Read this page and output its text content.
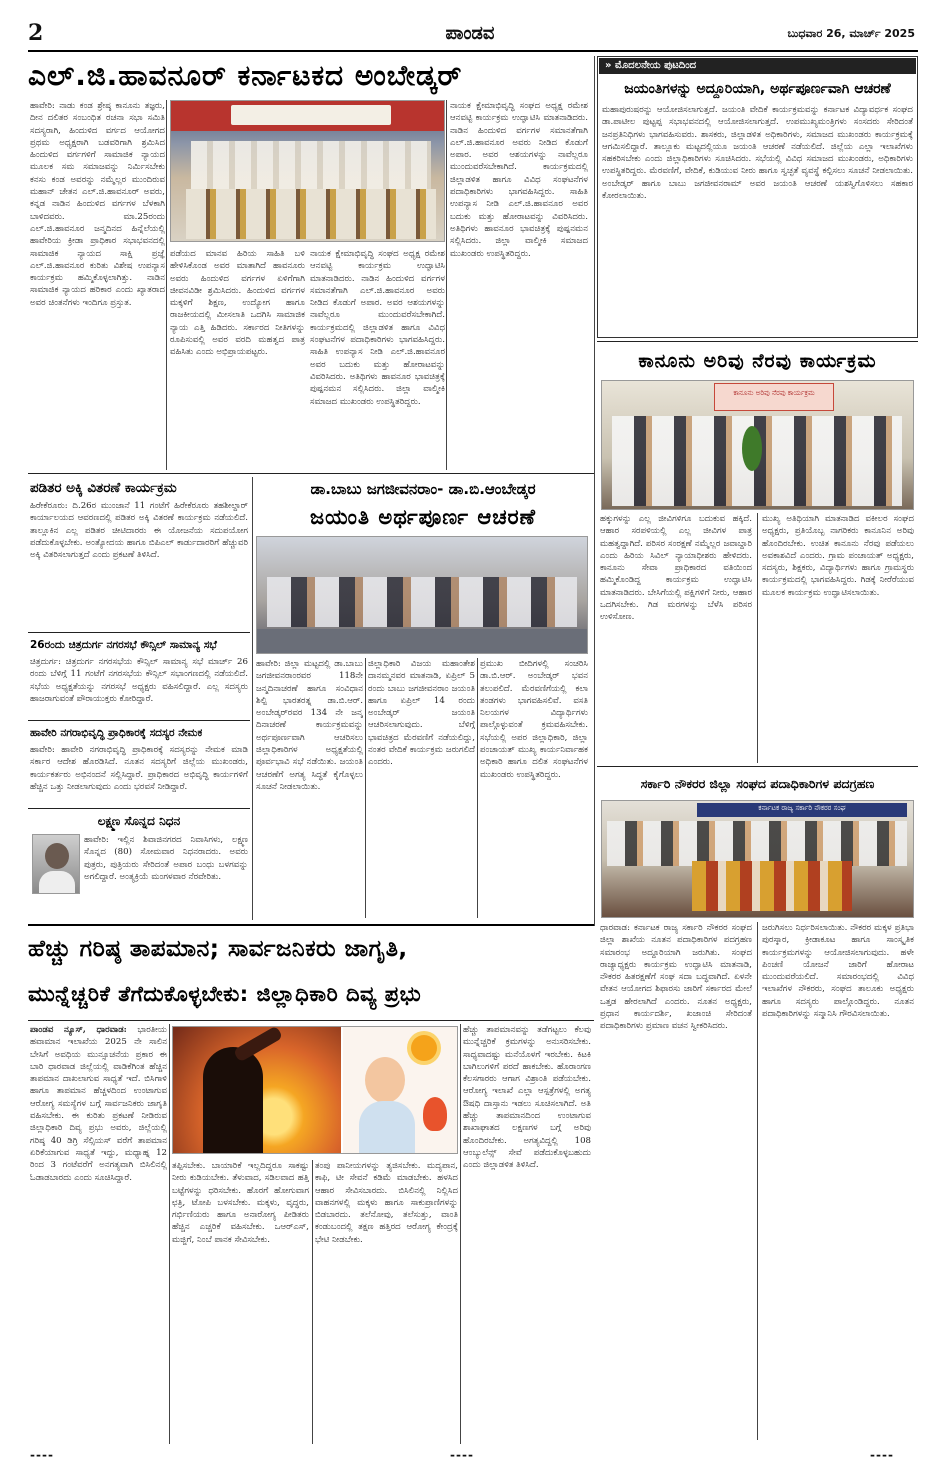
2	ಪಾಂಡವ	ಬುಧವಾರ 26, ಮಾರ್ಚ್ 2025
ಎಲ್.ಜಿ.ಹಾವನೂರ್ ಕರ್ನಾಟಕದ ಅಂಬೇಡ್ಕರ್
ಹಾವೇರಿ: ನಾಡು ಕಂಡ ಶ್ರೇಷ್ಠ ಕಾನೂನು ತಜ್ಞರು, ದೀನ ದಲಿತರ ಸಂಬಂಧಿತ ರಚನಾ ಸಭಾ ಸಮಿತಿ ಸದಸ್ಯರಾಗಿ, ಹಿಂದುಳಿದ ವರ್ಗದ ಆಯೋಗದ ಪ್ರಥಮ ಅಧ್ಯಕ್ಷರಾಗಿ ಬಡವರಿಗಾಗಿ ಶ್ರಮಿಸಿದ ಹಿಂದುಳಿದ ವರ್ಗಗಳಿಗೆ ಸಾಮಾಜಿಕ ನ್ಯಾಯದ ಮೂಲಕ ಸಮ ಸಮಾಜವನ್ನು ನಿರ್ಮಿಸಬೇಕು ಕನಸು ಕಂಡ ಅವರನ್ನು ನಮ್ಮೆಲ್ಲರ ಮುಂದಿರುವ ಮಹಾನ್ ಚೇತನ ಎಲ್.ಜಿ.ಹಾವನೂರ್ ಅವರು, ಕನ್ನಡ ನಾಡಿನ ಹಿಂದುಳಿದ ವರ್ಗಗಳ ಬೆಳಕಾಗಿ ಬಾಳಿದವರು. ಮಾ.25ರಂದು ಎಲ್.ಜಿ.ಹಾವನೂರ ಜನ್ಮದಿನದ ಹಿನ್ನೆಲೆಯಲ್ಲಿ ಹಾವೇರಿಯ ಕ್ರೀಡಾ ಪ್ರಾಧಿಕಾರ ಸಭಾಭವನದಲ್ಲಿ ಸಾಮಾಜಿಕ ನ್ಯಾಯದ ಸಾಕ್ಷಿ ಪ್ರಜ್ಞೆ ಎಲ್.ಜಿ.ಹಾವನೂರ ಕುರಿತು ವಿಶೇಷ ಉಪನ್ಯಾಸ ಕಾರ್ಯಕ್ರಮ ಹಮ್ಮಿಕೊಳ್ಳಲಾಗಿತ್ತು. ನಾಡಿನ ಸಾಮಾಜಿಕ ನ್ಯಾಯದ ಹರಿಕಾರ ಎಂದು ಖ್ಯಾತರಾದ ಅವರ ಚಿಂತನೆಗಳು ಇಂದಿಗೂ ಪ್ರಸ್ತುತ.
ಪಡೆಯದ ಮಾನವ ಹಿರಿಯ ಸಾಹಿತಿ ಬಳಿ ಹೇಳಿಸಿಕೊಂಡ ಅವರ ಮಾತಾಗಿದೆ ಹಾವನೂರು ಅವರು ಹಿಂದುಳಿದ ವರ್ಗಗಳ ಏಳಿಗೆಗಾಗಿ ಜೀವನವಿಡೀ ಶ್ರಮಿಸಿದರು. ಹಿಂದುಳಿದ ವರ್ಗಗಳ ಮಕ್ಕಳಿಗೆ ಶಿಕ್ಷಣ, ಉದ್ಯೋಗ ಹಾಗೂ ರಾಜಕೀಯದಲ್ಲಿ ಮೀಸಲಾತಿ ಒದಗಿಸಿ ಸಾಮಾಜಿಕ ನ್ಯಾಯ ಎತ್ತಿ ಹಿಡಿದರು. ಸರ್ಕಾರದ ನೀತಿಗಳನ್ನು ರೂಪಿಸುವಲ್ಲಿ ಅವರ ವರದಿ ಮಹತ್ವದ ಪಾತ್ರ ವಹಿಸಿತು ಎಂದು ಅಭಿಪ್ರಾಯಪಟ್ಟರು.
ನಾಯಕ ಕ್ಷೇಮಾಭಿವೃದ್ಧಿ ಸಂಘದ ಅಧ್ಯಕ್ಷ ರಮೇಶ ಆನವಟ್ಟಿ ಕಾರ್ಯಕ್ರಮ ಉದ್ಘಾಟಿಸಿ ಮಾತನಾಡಿದರು. ನಾಡಿನ ಹಿಂದುಳಿದ ವರ್ಗಗಳ ಸಮಾನತೆಗಾಗಿ ಎಲ್.ಜಿ.ಹಾವನೂರ ಅವರು ನೀಡಿದ ಕೊಡುಗೆ ಅಪಾರ. ಅವರ ಆಶಯಗಳನ್ನು ನಾವೆಲ್ಲರೂ ಮುಂದುವರೆಸಬೇಕಾಗಿದೆ. ಕಾರ್ಯಕ್ರಮದಲ್ಲಿ ಜಿಲ್ಲಾಡಳಿತ ಹಾಗೂ ವಿವಿಧ ಸಂಘಟನೆಗಳ ಪದಾಧಿಕಾರಿಗಳು ಭಾಗವಹಿಸಿದ್ದರು. ಸಾಹಿತಿ ಉಪನ್ಯಾಸ ನೀಡಿ ಎಲ್.ಜಿ.ಹಾವನೂರ ಅವರ ಬದುಕು ಮತ್ತು ಹೋರಾಟವನ್ನು ವಿವರಿಸಿದರು. ಅತಿಥಿಗಳು ಹಾವನೂರ ಭಾವಚಿತ್ರಕ್ಕೆ ಪುಷ್ಪನಮನ ಸಲ್ಲಿಸಿದರು. ಜಿಲ್ಲಾ ವಾಲ್ಮೀಕಿ ಸಮಾಜದ ಮುಖಂಡರು ಉಪಸ್ಥಿತರಿದ್ದರು.
ನಾಯಕ ಕ್ಷೇಮಾಭಿವೃದ್ಧಿ ಸಂಘದ ಅಧ್ಯಕ್ಷ ರಮೇಶ ಆನವಟ್ಟಿ ಕಾರ್ಯಕ್ರಮ ಉದ್ಘಾಟಿಸಿ ಮಾತನಾಡಿದರು. ನಾಡಿನ ಹಿಂದುಳಿದ ವರ್ಗಗಳ ಸಮಾನತೆಗಾಗಿ ಎಲ್.ಜಿ.ಹಾವನೂರ ಅವರು ನೀಡಿದ ಕೊಡುಗೆ ಅಪಾರ. ಅವರ ಆಶಯಗಳನ್ನು ನಾವೆಲ್ಲರೂ ಮುಂದುವರೆಸಬೇಕಾಗಿದೆ. ಕಾರ್ಯಕ್ರಮದಲ್ಲಿ ಜಿಲ್ಲಾಡಳಿತ ಹಾಗೂ ವಿವಿಧ ಸಂಘಟನೆಗಳ ಪದಾಧಿಕಾರಿಗಳು ಭಾಗವಹಿಸಿದ್ದರು. ಸಾಹಿತಿ ಉಪನ್ಯಾಸ ನೀಡಿ ಎಲ್.ಜಿ.ಹಾವನೂರ ಅವರ ಬದುಕು ಮತ್ತು ಹೋರಾಟವನ್ನು ವಿವರಿಸಿದರು. ಅತಿಥಿಗಳು ಹಾವನೂರ ಭಾವಚಿತ್ರಕ್ಕೆ ಪುಷ್ಪನಮನ ಸಲ್ಲಿಸಿದರು. ಜಿಲ್ಲಾ ವಾಲ್ಮೀಕಿ ಸಮಾಜದ ಮುಖಂಡರು ಉಪಸ್ಥಿತರಿದ್ದರು.
» ಮೊದಲನೇಯ ಪುಟದಿಂದ
ಜಯಂತಿಗಳನ್ನು ಅದ್ದೂರಿಯಾಗಿ, ಅರ್ಥಪೂರ್ಣವಾಗಿ ಆಚರಣೆ
ಮಹಾಪುರುಷರನ್ನು ಆಯೋಜಿಸಲಾಗುತ್ತದೆ. ಜಯಂತಿ ವೇದಿಕೆ ಕಾರ್ಯಕ್ರಮವನ್ನು ಕರ್ನಾಟಕ ವಿದ್ಯಾವರ್ಧಕ ಸಂಘದ ಡಾ.ಪಾಟೀಲ ಪುಟ್ಟಪ್ಪ ಸಭಾಭವನದಲ್ಲಿ ಆಯೋಜಿಸಲಾಗುತ್ತದೆ. ಉಪಮುಖ್ಯಮಂತ್ರಿಗಳು ಸಂಸದರು ಸೇರಿದಂತೆ ಜನಪ್ರತಿನಿಧಿಗಳು ಭಾಗವಹಿಸುವರು. ಶಾಸಕರು, ಜಿಲ್ಲಾಡಳಿತ ಅಧಿಕಾರಿಗಳು, ಸಮಾಜದ ಮುಖಂಡರು ಕಾರ್ಯಕ್ರಮಕ್ಕೆ ಆಗಮಿಸಲಿದ್ದಾರೆ. ತಾಲ್ಲೂಕು ಮಟ್ಟದಲ್ಲಿಯೂ ಜಯಂತಿ ಆಚರಣೆ ನಡೆಯಲಿದೆ. ಜಿಲ್ಲೆಯ ಎಲ್ಲಾ ಇಲಾಖೆಗಳು ಸಹಕರಿಸಬೇಕು ಎಂದು ಜಿಲ್ಲಾಧಿಕಾರಿಗಳು ಸೂಚಿಸಿದರು. ಸಭೆಯಲ್ಲಿ ವಿವಿಧ ಸಮಾಜದ ಮುಖಂಡರು, ಅಧಿಕಾರಿಗಳು ಉಪಸ್ಥಿತರಿದ್ದರು. ಮೆರವಣಿಗೆ, ವೇದಿಕೆ, ಕುಡಿಯುವ ನೀರು ಹಾಗೂ ಸ್ವಚ್ಛತೆ ವ್ಯವಸ್ಥೆ ಕಲ್ಪಿಸಲು ಸೂಚನೆ ನೀಡಲಾಯಿತು. ಅಂಬೇಡ್ಕರ್ ಹಾಗೂ ಬಾಬು ಜಗಜೀವನರಾಮ್ ಅವರ ಜಯಂತಿ ಆಚರಣೆ ಯಶಸ್ವಿಗೊಳಿಸಲು ಸಹಕಾರ ಕೋರಲಾಯಿತು.
ಕಾನೂನು ಅರಿವು ನೆರವು ಕಾರ್ಯಕ್ರಮ
ಕಾನೂನು ಅರಿವು ನೆರವು ಕಾರ್ಯಕ್ರಮ
ಹಕ್ಕುಗಳನ್ನು ಎಲ್ಲ ಜೀವಿಗಳಿಗೂ ಬದುಕುವ ಹಕ್ಕಿದೆ. ಆಹಾರ ಸರಪಳಿಯಲ್ಲಿ ಎಲ್ಲ ಜೀವಿಗಳ ಪಾತ್ರ ಮಹತ್ವದ್ದಾಗಿದೆ. ಪರಿಸರ ಸಂರಕ್ಷಣೆ ನಮ್ಮೆಲ್ಲರ ಜವಾಬ್ದಾರಿ ಎಂದು ಹಿರಿಯ ಸಿವಿಲ್ ನ್ಯಾಯಾಧೀಶರು ಹೇಳಿದರು. ಕಾನೂನು ಸೇವಾ ಪ್ರಾಧಿಕಾರದ ವತಿಯಿಂದ ಹಮ್ಮಿಕೊಂಡಿದ್ದ ಕಾರ್ಯಕ್ರಮ ಉದ್ಘಾಟಿಸಿ ಮಾತನಾಡಿದರು. ಬೇಸಿಗೆಯಲ್ಲಿ ಪಕ್ಷಿಗಳಿಗೆ ನೀರು, ಆಹಾರ ಒದಗಿಸಬೇಕು. ಗಿಡ ಮರಗಳನ್ನು ಬೆಳೆಸಿ ಪರಿಸರ ಉಳಿಸೋಣ.
ಮುಖ್ಯ ಅತಿಥಿಯಾಗಿ ಮಾತನಾಡಿದ ವಕೀಲರ ಸಂಘದ ಅಧ್ಯಕ್ಷರು, ಪ್ರತಿಯೊಬ್ಬ ನಾಗರಿಕರು ಕಾನೂನಿನ ಅರಿವು ಹೊಂದಿರಬೇಕು. ಉಚಿತ ಕಾನೂನು ನೆರವು ಪಡೆಯಲು ಅವಕಾಶವಿದೆ ಎಂದರು. ಗ್ರಾಮ ಪಂಚಾಯತ್ ಅಧ್ಯಕ್ಷರು, ಸದಸ್ಯರು, ಶಿಕ್ಷಕರು, ವಿದ್ಯಾರ್ಥಿಗಳು ಹಾಗೂ ಗ್ರಾಮಸ್ಥರು ಕಾರ್ಯಕ್ರಮದಲ್ಲಿ ಭಾಗವಹಿಸಿದ್ದರು. ಗಿಡಕ್ಕೆ ನೀರೆರೆಯುವ ಮೂಲಕ ಕಾರ್ಯಕ್ರಮ ಉದ್ಘಾಟಿಸಲಾಯಿತು.
ಸರ್ಕಾರಿ ನೌಕರರ ಜಿಲ್ಲಾ ಸಂಘದ ಪದಾಧಿಕಾರಿಗಳ ಪದಗ್ರಹಣ
ಕರ್ನಾಟಕ ರಾಜ್ಯ ಸರ್ಕಾರಿ ನೌಕರರ ಸಂಘ
ಧಾರವಾಡ: ಕರ್ನಾಟಕ ರಾಜ್ಯ ಸರ್ಕಾರಿ ನೌಕರರ ಸಂಘದ ಜಿಲ್ಲಾ ಶಾಖೆಯ ನೂತನ ಪದಾಧಿಕಾರಿಗಳ ಪದಗ್ರಹಣ ಸಮಾರಂಭ ಅದ್ದೂರಿಯಾಗಿ ಜರುಗಿತು. ಸಂಘದ ರಾಜ್ಯಾಧ್ಯಕ್ಷರು ಕಾರ್ಯಕ್ರಮ ಉದ್ಘಾಟಿಸಿ ಮಾತನಾಡಿ, ನೌಕರರ ಹಿತರಕ್ಷಣೆಗೆ ಸಂಘ ಸದಾ ಬದ್ಧವಾಗಿದೆ. ಏಳನೇ ವೇತನ ಆಯೋಗದ ಶಿಫಾರಸು ಜಾರಿಗೆ ಸರ್ಕಾರದ ಮೇಲೆ ಒತ್ತಡ ಹೇರಲಾಗಿದೆ ಎಂದರು. ನೂತನ ಅಧ್ಯಕ್ಷರು, ಪ್ರಧಾನ ಕಾರ್ಯದರ್ಶಿ, ಖಜಾಂಚಿ ಸೇರಿದಂತೆ ಪದಾಧಿಕಾರಿಗಳು ಪ್ರಮಾಣ ವಚನ ಸ್ವೀಕರಿಸಿದರು.
ಜರುಗಿಸಲು ನಿರ್ಧರಿಸಲಾಯಿತು. ನೌಕರರ ಮಕ್ಕಳ ಪ್ರತಿಭಾ ಪುರಸ್ಕಾರ, ಕ್ರೀಡಾಕೂಟ ಹಾಗೂ ಸಾಂಸ್ಕೃತಿಕ ಕಾರ್ಯಕ್ರಮಗಳನ್ನು ಆಯೋಜಿಸಲಾಗುವುದು. ಹಳೇ ಪಿಂಚಣಿ ಯೋಜನೆ ಜಾರಿಗೆ ಹೋರಾಟ ಮುಂದುವರೆಯಲಿದೆ. ಸಮಾರಂಭದಲ್ಲಿ ವಿವಿಧ ಇಲಾಖೆಗಳ ನೌಕರರು, ಸಂಘದ ತಾಲೂಕು ಅಧ್ಯಕ್ಷರು ಹಾಗೂ ಸದಸ್ಯರು ಪಾಲ್ಗೊಂಡಿದ್ದರು. ನೂತನ ಪದಾಧಿಕಾರಿಗಳನ್ನು ಸನ್ಮಾನಿಸಿ ಗೌರವಿಸಲಾಯಿತು.
ಪಡಿತರ ಅಕ್ಕಿ ವಿತರಣೆ ಕಾರ್ಯಕ್ರಮ
ಹಿರೇಕೆರೂರು: ದಿ.26ರ ಮುಂಜಾನೆ 11 ಗಂಟೆಗೆ ಹಿರೇಕೆರೂರು ತಹಶೀಲ್ದಾರ್ ಕಾರ್ಯಾಲಯದ ಆವರಣದಲ್ಲಿ ಪಡಿತರ ಅಕ್ಕಿ ವಿತರಣೆ ಕಾರ್ಯಕ್ರಮ ನಡೆಯಲಿದೆ. ತಾಲ್ಲೂಕಿನ ಎಲ್ಲ ಪಡಿತರ ಚೀಟಿದಾರರು ಈ ಯೋಜನೆಯ ಸದುಪಯೋಗ ಪಡೆದುಕೊಳ್ಳಬೇಕು. ಅಂತ್ಯೋದಯ ಹಾಗೂ ಬಿಪಿಎಲ್ ಕಾರ್ಡುದಾರರಿಗೆ ಹೆಚ್ಚುವರಿ ಅಕ್ಕಿ ವಿತರಿಸಲಾಗುತ್ತದೆ ಎಂದು ಪ್ರಕಟಣೆ ತಿಳಿಸಿದೆ.
26ರಂದು ಚಿತ್ರದುರ್ಗ ನಗರಸಭೆ ಕೌನ್ಸಿಲ್ ಸಾಮಾನ್ಯ ಸಭೆ
ಚಿತ್ರದುರ್ಗ: ಚಿತ್ರದುರ್ಗ ನಗರಸಭೆಯ ಕೌನ್ಸಿಲ್ ಸಾಮಾನ್ಯ ಸಭೆ ಮಾರ್ಚ್ 26 ರಂದು ಬೆಳಿಗ್ಗೆ 11 ಗಂಟೆಗೆ ನಗರಸಭೆಯ ಕೌನ್ಸಿಲ್ ಸಭಾಂಗಣದಲ್ಲಿ ನಡೆಯಲಿದೆ. ಸಭೆಯ ಅಧ್ಯಕ್ಷತೆಯನ್ನು ನಗರಸಭೆ ಅಧ್ಯಕ್ಷರು ವಹಿಸಲಿದ್ದಾರೆ. ಎಲ್ಲ ಸದಸ್ಯರು ಹಾಜರಾಗುವಂತೆ ಪೌರಾಯುಕ್ತರು ಕೋರಿದ್ದಾರೆ.
ಹಾವೇರಿ ನಗರಾಭಿವೃದ್ಧಿ ಪ್ರಾಧಿಕಾರಕ್ಕೆ ಸದಸ್ಯರ ನೇಮಕ
ಹಾವೇರಿ: ಹಾವೇರಿ ನಗರಾಭಿವೃದ್ಧಿ ಪ್ರಾಧಿಕಾರಕ್ಕೆ ಸದಸ್ಯರನ್ನು ನೇಮಕ ಮಾಡಿ ಸರ್ಕಾರ ಆದೇಶ ಹೊರಡಿಸಿದೆ. ನೂತನ ಸದಸ್ಯರಿಗೆ ಜಿಲ್ಲೆಯ ಮುಖಂಡರು, ಕಾರ್ಯಕರ್ತರು ಅಭಿನಂದನೆ ಸಲ್ಲಿಸಿದ್ದಾರೆ. ಪ್ರಾಧಿಕಾರದ ಅಭಿವೃದ್ಧಿ ಕಾರ್ಯಗಳಿಗೆ ಹೆಚ್ಚಿನ ಒತ್ತು ನೀಡಲಾಗುವುದು ಎಂದು ಭರವಸೆ ನೀಡಿದ್ದಾರೆ.
ಲಕ್ಷ್ಮಣ ಸೊನ್ನದ ನಿಧನ
ಹಾವೇರಿ: ಇಲ್ಲಿನ ಶಿವಾಜಿನಗರದ ನಿವಾಸಿಗಳು, ಲಕ್ಷ್ಮಣ ಸೊನ್ನದ (80) ಸೋಮವಾರ ನಿಧನರಾದರು. ಅವರು ಪುತ್ರರು, ಪುತ್ರಿಯರು ಸೇರಿದಂತೆ ಅಪಾರ ಬಂಧು ಬಳಗವನ್ನು ಅಗಲಿದ್ದಾರೆ. ಅಂತ್ಯಕ್ರಿಯೆ ಮಂಗಳವಾರ ನೆರವೇರಿತು.
ಡಾ.ಬಾಬು ಜಗಜೀವನರಾಂ- ಡಾ.ಬಿ.ಆಂಬೇಡ್ಕರ
ಜಯಂತಿ ಅರ್ಥಪೂರ್ಣ ಆಚರಣೆ
ಹಾವೇರಿ: ಜಿಲ್ಲಾ ಮಟ್ಟದಲ್ಲಿ ಡಾ.ಬಾಬು ಜಗಜೀವನರಾಂರವರ 118ನೇ ಜನ್ಮದಿನಾಚರಣೆ ಹಾಗೂ ಸಂವಿಧಾನ ಶಿಲ್ಪಿ ಭಾರತರತ್ನ ಡಾ.ಬಿ.ಆರ್. ಅಂಬೇಡ್ಕರ್‌ರವರ 134 ನೇ ಜನ್ಮ ದಿನಾಚರಣೆ ಕಾರ್ಯಕ್ರಮವನ್ನು ಅರ್ಥಪೂರ್ಣವಾಗಿ ಆಚರಿಸಲು ಜಿಲ್ಲಾಧಿಕಾರಿಗಳ ಅಧ್ಯಕ್ಷತೆಯಲ್ಲಿ ಪೂರ್ವಭಾವಿ ಸಭೆ ನಡೆಯಿತು. ಜಯಂತಿ ಆಚರಣೆಗೆ ಅಗತ್ಯ ಸಿದ್ಧತೆ ಕೈಗೊಳ್ಳಲು ಸೂಚನೆ ನೀಡಲಾಯಿತು.
ಜಿಲ್ಲಾಧಿಕಾರಿ ವಿಜಯ ಮಹಾಂತೇಶ ದಾನಮ್ಮನವರ ಮಾತನಾಡಿ, ಏಪ್ರಿಲ್ 5 ರಂದು ಬಾಬು ಜಗಜೀವನರಾಂ ಜಯಂತಿ ಹಾಗೂ ಏಪ್ರಿಲ್ 14 ರಂದು ಅಂಬೇಡ್ಕರ್ ಜಯಂತಿ ಆಚರಿಸಲಾಗುವುದು. ಬೆಳಿಗ್ಗೆ ಭಾವಚಿತ್ರದ ಮೆರವಣಿಗೆ ನಡೆಯಲಿದ್ದು, ನಂತರ ವೇದಿಕೆ ಕಾರ್ಯಕ್ರಮ ಜರುಗಲಿದೆ ಎಂದರು.
ಪ್ರಮುಖ ಬೀದಿಗಳಲ್ಲಿ ಸಂಚರಿಸಿ ಡಾ.ಬಿ.ಆರ್. ಅಂಬೇಡ್ಕರ್ ಭವನ ತಲುಪಲಿದೆ. ಮೆರವಣಿಗೆಯಲ್ಲಿ ಕಲಾ ತಂಡಗಳು ಭಾಗವಹಿಸಲಿವೆ. ವಸತಿ ನಿಲಯಗಳ ವಿದ್ಯಾರ್ಥಿಗಳು ಪಾಲ್ಗೊಳ್ಳುವಂತೆ ಕ್ರಮವಹಿಸಬೇಕು. ಸಭೆಯಲ್ಲಿ ಅಪರ ಜಿಲ್ಲಾಧಿಕಾರಿ, ಜಿಲ್ಲಾ ಪಂಚಾಯತ್ ಮುಖ್ಯ ಕಾರ್ಯನಿರ್ವಾಹಕ ಅಧಿಕಾರಿ ಹಾಗೂ ದಲಿತ ಸಂಘಟನೆಗಳ ಮುಖಂಡರು ಉಪಸ್ಥಿತರಿದ್ದರು.
ಹೆಚ್ಚು ಗರಿಷ್ಠ ತಾಪಮಾನ; ಸಾರ್ವಜನಿಕರು ಜಾಗೃತಿ,
ಮುನ್ನೆಚ್ಚರಿಕೆ ತೆಗೆದುಕೊಳ್ಳಬೇಕು: ಜಿಲ್ಲಾಧಿಕಾರಿ ದಿವ್ಯ ಪ್ರಭು
ಪಾಂಡವ ನ್ಯೂಸ್, ಧಾರವಾಡ: ಭಾರತೀಯ ಹವಾಮಾನ ಇಲಾಖೆಯ 2025 ನೇ ಸಾಲಿನ ಬೇಸಿಗೆ ಅವಧಿಯ ಮುನ್ಸೂಚನೆಯ ಪ್ರಕಾರ ಈ ಬಾರಿ ಧಾರವಾಡ ಜಿಲ್ಲೆಯಲ್ಲಿ ವಾಡಿಕೆಗಿಂತ ಹೆಚ್ಚಿನ ತಾಪಮಾನ ದಾಖಲಾಗುವ ಸಾಧ್ಯತೆ ಇದೆ. ಬಿಸಿಗಾಳಿ ಹಾಗೂ ತಾಪಮಾನ ಹೆಚ್ಚಳದಿಂದ ಉಂಟಾಗುವ ಆರೋಗ್ಯ ಸಮಸ್ಯೆಗಳ ಬಗ್ಗೆ ಸಾರ್ವಜನಿಕರು ಜಾಗೃತಿ ವಹಿಸಬೇಕು. ಈ ಕುರಿತು ಪ್ರಕಟಣೆ ನೀಡಿರುವ ಜಿಲ್ಲಾಧಿಕಾರಿ ದಿವ್ಯ ಪ್ರಭು ಅವರು, ಜಿಲ್ಲೆಯಲ್ಲಿ ಗರಿಷ್ಠ 40 ಡಿಗ್ರಿ ಸೆಲ್ಸಿಯಸ್ ವರೆಗೆ ತಾಪಮಾನ ಏರಿಕೆಯಾಗುವ ಸಾಧ್ಯತೆ ಇದ್ದು, ಮಧ್ಯಾಹ್ನ 12 ರಿಂದ 3 ಗಂಟೆವರೆಗೆ ಅನಗತ್ಯವಾಗಿ ಬಿಸಿಲಿನಲ್ಲಿ ಓಡಾಡಬಾರದು ಎಂದು ಸೂಚಿಸಿದ್ದಾರೆ.
ತಪ್ಪಿಸಬೇಕು. ಬಾಯಾರಿಕೆ ಇಲ್ಲದಿದ್ದರೂ ಸಾಕಷ್ಟು ನೀರು ಕುಡಿಯಬೇಕು. ತೆಳುವಾದ, ಸಡಿಲವಾದ ಹತ್ತಿ ಬಟ್ಟೆಗಳನ್ನು ಧರಿಸಬೇಕು. ಹೊರಗೆ ಹೋಗುವಾಗ ಛತ್ರಿ, ಟೋಪಿ ಬಳಸಬೇಕು. ಮಕ್ಕಳು, ವೃದ್ಧರು, ಗರ್ಭಿಣಿಯರು ಹಾಗೂ ಅನಾರೋಗ್ಯ ಪೀಡಿತರು ಹೆಚ್ಚಿನ ಎಚ್ಚರಿಕೆ ವಹಿಸಬೇಕು. ಒಆರ್‌ಎಸ್, ಮಜ್ಜಿಗೆ, ನಿಂಬೆ ಪಾನಕ ಸೇವಿಸಬೇಕು.
ತಂಪು ಪಾನೀಯಗಳನ್ನು ತ್ಯಜಿಸಬೇಕು. ಮದ್ಯಪಾನ, ಕಾಫಿ, ಟೀ ಸೇವನೆ ಕಡಿಮೆ ಮಾಡಬೇಕು. ಹಳಸಿದ ಆಹಾರ ಸೇವಿಸಬಾರದು. ಬಿಸಿಲಿನಲ್ಲಿ ನಿಲ್ಲಿಸಿದ ವಾಹನಗಳಲ್ಲಿ ಮಕ್ಕಳು ಹಾಗೂ ಸಾಕುಪ್ರಾಣಿಗಳನ್ನು ಬಿಡಬಾರದು. ತಲೆನೋವು, ತಲೆಸುತ್ತು, ವಾಂತಿ ಕಂಡುಬಂದಲ್ಲಿ ತಕ್ಷಣ ಹತ್ತಿರದ ಆರೋಗ್ಯ ಕೇಂದ್ರಕ್ಕೆ ಭೇಟಿ ನೀಡಬೇಕು.
ಹೆಚ್ಚು ತಾಪಮಾನವನ್ನು ತಡೆಗಟ್ಟಲು ಕೆಲವು ಮುನ್ನೆಚ್ಚರಿಕೆ ಕ್ರಮಗಳನ್ನು ಅನುಸರಿಸಬೇಕು. ಸಾಧ್ಯವಾದಷ್ಟು ಮನೆಯೊಳಗೆ ಇರಬೇಕು. ಕಿಟಕಿ ಬಾಗಿಲುಗಳಿಗೆ ಪರದೆ ಹಾಕಬೇಕು. ಹೊರಾಂಗಣ ಕೆಲಸಗಾರರು ಆಗಾಗ ವಿಶ್ರಾಂತಿ ಪಡೆಯಬೇಕು. ಆರೋಗ್ಯ ಇಲಾಖೆ ಎಲ್ಲಾ ಆಸ್ಪತ್ರೆಗಳಲ್ಲಿ ಅಗತ್ಯ ಔಷಧಿ ದಾಸ್ತಾನು ಇಡಲು ಸೂಚಿಸಲಾಗಿದೆ. ಅತಿ ಹೆಚ್ಚು ತಾಪಮಾನದಿಂದ ಉಂಟಾಗುವ ಶಾಖಾಘಾತದ ಲಕ್ಷಣಗಳ ಬಗ್ಗೆ ಅರಿವು ಹೊಂದಿರಬೇಕು. ಅಗತ್ಯವಿದ್ದಲ್ಲಿ 108 ಆಂಬ್ಯುಲೆನ್ಸ್ ಸೇವೆ ಪಡೆದುಕೊಳ್ಳಬಹುದು ಎಂದು ಜಿಲ್ಲಾಡಳಿತ ತಿಳಿಸಿದೆ.
----	----	----
